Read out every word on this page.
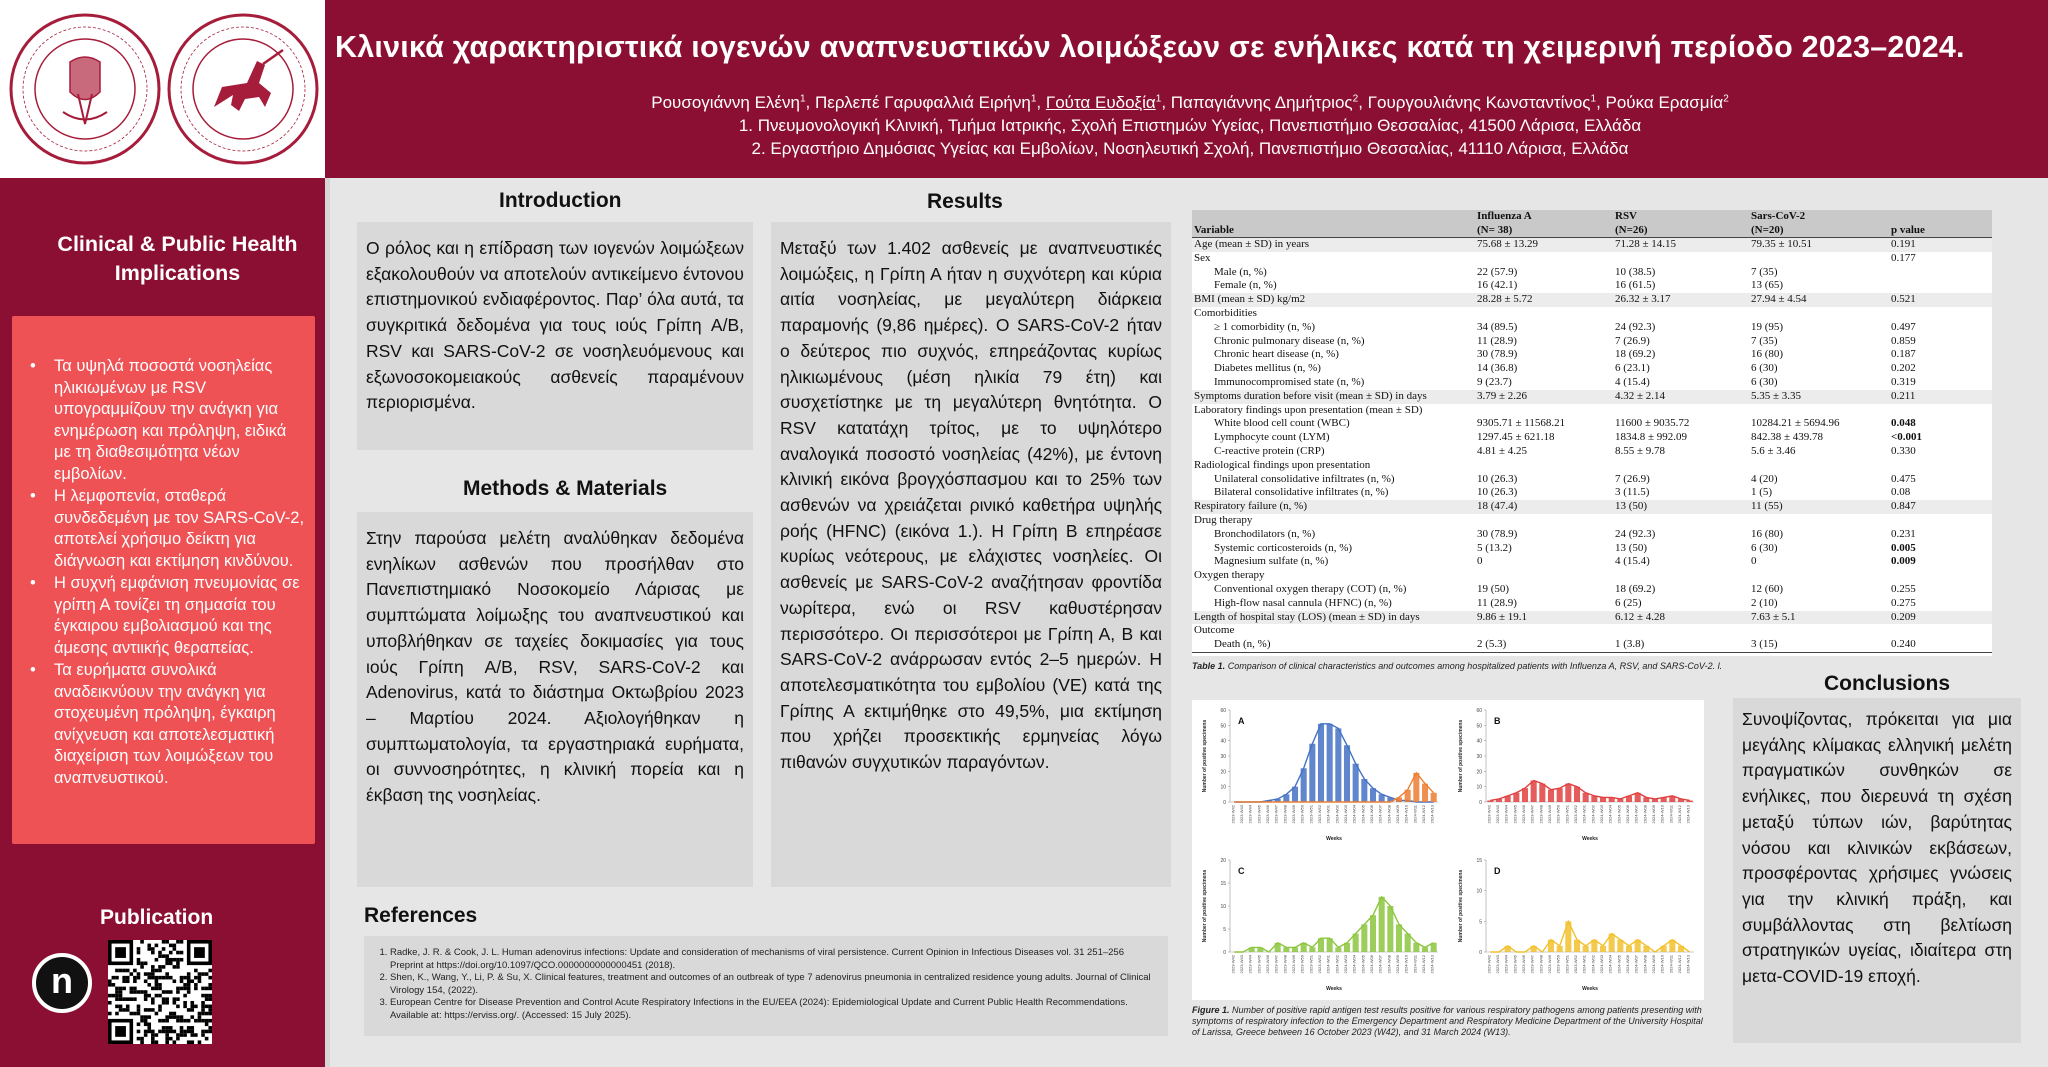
Κλινικά χαρακτηριστικά ιογενών αναπνευστικών λοιμώξεων σε ενήλικες κατά τη χειμερινή περίοδο 2023–2024.
Ρουσογιάννη Ελένη$^1$, Περλεπέ Γαρυφαλλιά Ειρήνη$^1$, Γούτα Ευδοξία$^1$, Παπαγιάννης Δημήτριος$^2$, Γουργουλιάνης Κωνσταντίνος$^1$, Ρούκα Ερασμία$^2$
1. Πνευμονολογική Κλινική, Τμήμα Ιατρικής, Σχολή Επιστημών Υγείας, Πανεπιστήμιο Θεσσαλίας, 41500 Λάρισα, Ελλάδα
2. Εργαστήριο Δημόσιας Υγείας και Εμβολίων, Νοσηλευτική Σχολή, Πανεπιστήμιο Θεσσαλίας, 41110 Λάρισα, Ελλάδα
Clinical & Public Health Implications
• Τα υψηλά ποσοστά νοσηλείας ηλικιωμένων με RSV υπογραμμίζουν την ανάγκη για ενημέρωση και πρόληψη, ειδικά με τη διαθεσιμότητα νέων εμβολίων.
• Η λεμφοπενία, σταθερά συνδεδεμένη με τον SARS-CoV-2, αποτελεί χρήσιμο δείκτη για διάγνωση και εκτίμηση κινδύνου.
• Η συχνή εμφάνιση πνευμονίας σε γρίπη Α τονίζει τη σημασία του έγκαιρου εμβολιασμού και της άμεσης αντιικής θεραπείας.
• Τα ευρήματα συνολικά αναδεικνύουν την ανάγκη για στοχευμένη πρόληψη, έγκαιρη ανίχνευση και αποτελεσματική διαχείριση των λοιμώξεων του αναπνευστικού.
Publication
n
Introduction
Ο ρόλος και η επίδραση των ιογενών λοιμώξεων εξακολουθούν να αποτελούν αντικείμενο έντονου επιστημονικού ενδιαφέροντος. Παρ’ όλα αυτά, τα συγκριτικά δεδομένα για τους ιούς Γρίπη A/B, RSV και SARS-CoV-2 σε νοσηλευόμενους και εξωνοσοκομειακούς ασθενείς παραμένουν περιορισμένα.
Methods & Materials
Στην παρούσα μελέτη αναλύθηκαν δεδομένα ενηλίκων ασθενών που προσήλθαν στο Πανεπιστημιακό Νοσοκομείο Λάρισας με συμπτώματα λοίμωξης του αναπνευστικού και υποβλήθηκαν σε ταχείες δοκιμασίες για τους ιούς Γρίπη A/B, RSV, SARS-CoV-2 και Adenovirus, κατά το διάστημα Οκτωβρίου 2023 – Μαρτίου 2024. Αξιολογήθηκαν η συμπτωματολογία, τα εργαστηριακά ευρήματα, οι συννοσηρότητες, η κλινική πορεία και η έκβαση της νοσηλείας.
Results
Μεταξύ των 1.402 ασθενείς με αναπνευστικές λοιμώξεις, η Γρίπη Α ήταν η συχνότερη και κύρια αιτία νοσηλείας, με μεγαλύτερη διάρκεια παραμονής (9,86 ημέρες). Ο SARS-CoV-2 ήταν ο δεύτερος πιο συχνός, επηρεάζοντας κυρίως ηλικιωμένους (μέση ηλικία 79 έτη) και συσχετίστηκε με τη μεγαλύτερη θνητότητα. Ο RSV κατατάχη τρίτος, με το υψηλότερο αναλογικά ποσοστό νοσηλείας (42%), με έντονη κλινική εικόνα βρογχόσπασμου και το 25% των ασθενών να χρειάζεται ρινικό καθετήρα υψηλής ροής (HFNC) (εικόνα 1.). Η Γρίπη Β επηρέασε κυρίως νεότερους, με ελάχιστες νοσηλείες. Οι ασθενείς με SARS-CoV-2 αναζήτησαν φροντίδα νωρίτερα, ενώ οι RSV καθυστέρησαν περισσότερο. Οι περισσότεροι με Γρίπη Α, Β και SARS-CoV-2 ανάρρωσαν εντός 2–5 ημερών. Η αποτελεσματικότητα του εμβολίου (VE) κατά της Γρίπης Α εκτιμήθηκε στο 49,5%, μια εκτίμηση που χρήζει προσεκτικής ερμηνείας λόγω πιθανών συγχυτικών παραγόντων.
	Influenza A	RSV	Sars-CoV-2	
Variable	(N= 38)	(N=26)	(N=20)	p value
Age (mean ± SD) in years	75.68 ± 13.29	71.28 ± 14.15	79.35 ± 10.51	0.191
Sex				0.177
Male (n, %)	22 (57.9)	10 (38.5)	7 (35)	
Female (n, %)	16 (42.1)	16 (61.5)	13 (65)	
BMI (mean ± SD) kg/m2	28.28 ± 5.72	26.32 ± 3.17	27.94 ± 4.54	0.521
Comorbidities				
≥ 1 comorbidity (n, %)	34 (89.5)	24 (92.3)	19 (95)	0.497
Chronic pulmonary disease (n, %)	11 (28.9)	7 (26.9)	7 (35)	0.859
Chronic heart disease (n, %)	30 (78.9)	18 (69.2)	16 (80)	0.187
Diabetes mellitus (n, %)	14 (36.8)	6 (23.1)	6 (30)	0.202
Immunocompromised state (n, %)	9 (23.7)	4 (15.4)	6 (30)	0.319
Symptoms duration before visit (mean ± SD) in days	3.79 ± 2.26	4.32 ± 2.14	5.35 ± 3.35	0.211
Laboratory findings upon presentation (mean ± SD)				
White blood cell count (WBC)	9305.71 ± 11568.21	11600 ± 9035.72	10284.21 ± 5694.96	0.048
Lymphocyte count (LYM)	1297.45 ± 621.18	1834.8 ± 992.09	842.38 ± 439.78	<0.001
C-reactive protein (CRP)	4.81 ± 4.25	8.55 ± 9.78	5.6 ± 3.46	0.330
Radiological findings upon presentation				
Unilateral consolidative infiltrates (n, %)	10 (26.3)	7 (26.9)	4 (20)	0.475
Bilateral consolidative infiltrates (n, %)	10 (26.3)	3 (11.5)	1 (5)	0.08
Respiratory failure (n, %)	18 (47.4)	13 (50)	11 (55)	0.847
Drug therapy				
Bronchodilators (n, %)	30 (78.9)	24 (92.3)	16 (80)	0.231
Systemic corticosteroids (n, %)	5 (13.2)	13 (50)	6 (30)	0.005
Magnesium sulfate (n, %)	0	4 (15.4)	0	0.009
Oxygen therapy				
Conventional oxygen therapy (COT) (n, %)	19 (50)	18 (69.2)	12 (60)	0.255
High-flow nasal cannula (HFNC) (n, %)	11 (28.9)	6 (25)	2 (10)	0.275
Length of hospital stay (LOS) (mean ± SD) in days	9.86 ± 19.1	6.12 ± 4.28	7.63 ± 5.1	0.209
Outcome				
Death (n, %)	2 (5.3)	1 (3.8)	3 (15)	0.240
Table 1. Comparison of clinical characteristics and outcomes among hospitalized patients with Influenza A, RSV, and SARS-CoV-2. l.
0
10
20
30
40
50
60
2023-W42 2023-W43 2023-W44 2023-W45 2023-W46 2023-W47 2023-W48 2023-W49 2023-W50 2023-W51 2023-W52 2024-W01 2024-W02 2024-W03 2024-W04 2024-W05 2024-W06 2024-W07 2024-W08 2024-W09 2024-W10 2024-W11 2024-W12 2024-W13
A
Weeks
Number of positive specimens
0
10
20
30
40
50
60
2023-W42 2023-W43 2023-W44 2023-W45 2023-W46 2023-W47 2023-W48 2023-W49 2023-W50 2023-W51 2023-W52 2024-W01 2024-W02 2024-W03 2024-W04 2024-W05 2024-W06 2024-W07 2024-W08 2024-W09 2024-W10 2024-W11 2024-W12 2024-W13
B
Weeks
Number of positive specimens
0
5
10
15
20
2023-W42 2023-W43 2023-W44 2023-W45 2023-W46 2023-W47 2023-W48 2023-W49 2023-W50 2023-W51 2023-W52 2024-W01 2024-W02 2024-W03 2024-W04 2024-W05 2024-W06 2024-W07 2024-W08 2024-W09 2024-W10 2024-W11 2024-W12 2024-W13
C
Weeks
Number of positive specimens
0
5
10
15
2023-W42 2023-W43 2023-W44 2023-W45 2023-W46 2023-W47 2023-W48 2023-W49 2023-W50 2023-W51 2023-W52 2024-W01 2024-W02 2024-W03 2024-W04 2024-W05 2024-W06 2024-W07 2024-W08 2024-W09 2024-W10 2024-W11 2024-W12 2024-W13
D
Weeks
Number of positive specimens
Figure 1. Number of positive rapid antigen test results positive for various respiratory pathogens among patients presenting with symptoms of respiratory infection to the Emergency Department and Respiratory Medicine Department of the University Hospital of Larissa, Greece between 16 October 2023 (W42), and 31 March 2024 (W13).
Conclusions
Συνοψίζοντας, πρόκειται για μια μεγάλης κλίμακας ελληνική μελέτη πραγματικών συνθηκών σε ενήλικες, που διερευνά τη σχέση μεταξύ τύπων ιών, βαρύτητας νόσου και κλινικών εκβάσεων, προσφέροντας χρήσιμες γνώσεις για την κλινική πράξη, και συμβάλλοντας στη βελτίωση στρατηγικών υγείας, ιδιαίτερα στη μετα-COVID-19 εποχή.
References
1. Radke, J. R. & Cook, J. L. Human adenovirus infections: Update and consideration of mechanisms of viral persistence. Current Opinion in Infectious Diseases vol. 31 251–256 Preprint at https://doi.org/10.1097/QCO.0000000000000451 (2018).
2. Shen, K., Wang, Y., Li, P. & Su, X. Clinical features, treatment and outcomes of an outbreak of type 7 adenovirus pneumonia in centralized residence young adults. Journal of Clinical Virology 154, (2022).
3. European Centre for Disease Prevention and Control Acute Respiratory Infections in the EU/EEA (2024): Epidemiological Update and Current Public Health Recommendations. Available at: https://erviss.org/. (Accessed: 15 July 2025).
